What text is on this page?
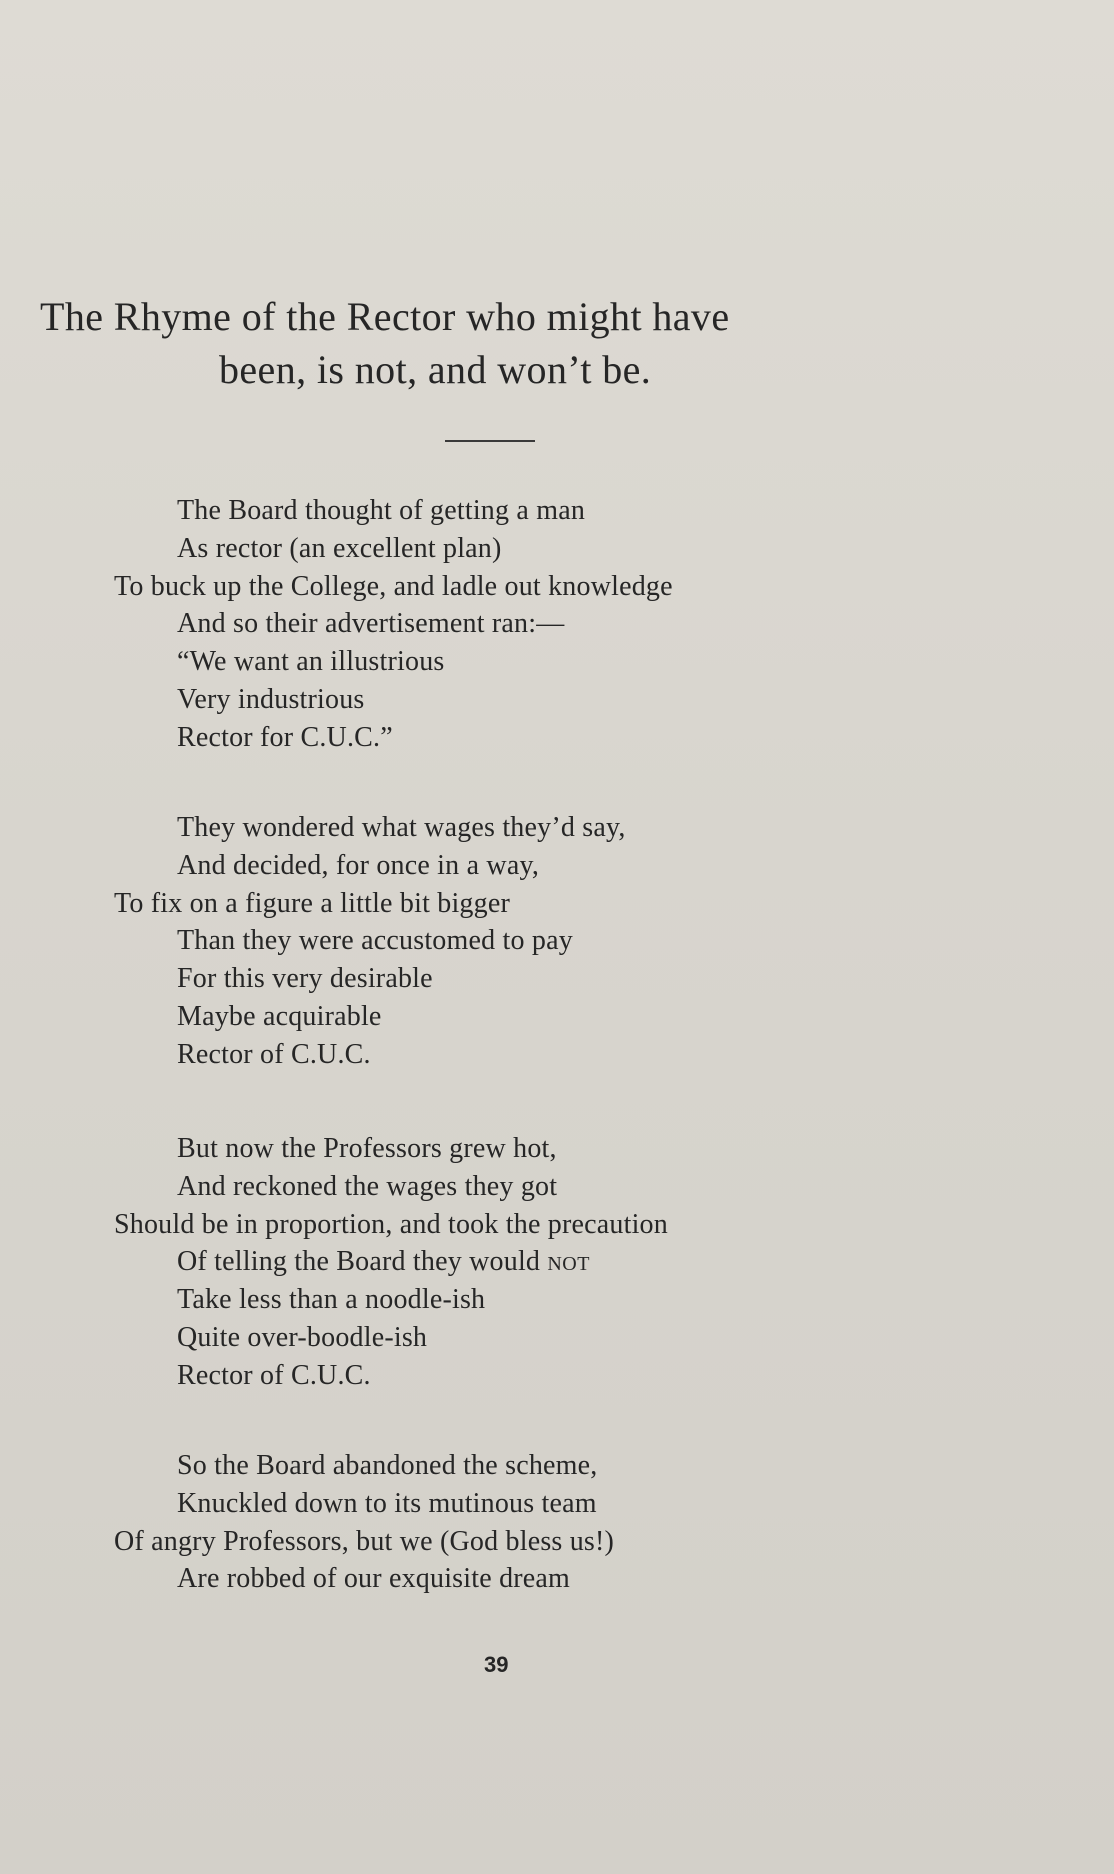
The Rhyme of the Rector who might have
been, is not, and won’t be.
The Board thought of getting a man
As rector (an excellent plan)
To buck up the College, and ladle out knowledge
And so their advertisement ran:—
“We want an illustrious
Very industrious
Rector for C.U.C.”
They wondered what wages they’d say,
And decided, for once in a way,
To fix on a figure a little bit bigger
Than they were accustomed to pay
For this very desirable
Maybe acquirable
Rector of C.U.C.
But now the Professors grew hot,
And reckoned the wages they got
Should be in proportion, and took the precaution
Of telling the Board they would not
Take less than a noodle-ish
Quite over-boodle-ish
Rector of C.U.C.
So the Board abandoned the scheme,
Knuckled down to its mutinous team
Of angry Professors, but we (God bless us!)
Are robbed of our exquisite dream
39
